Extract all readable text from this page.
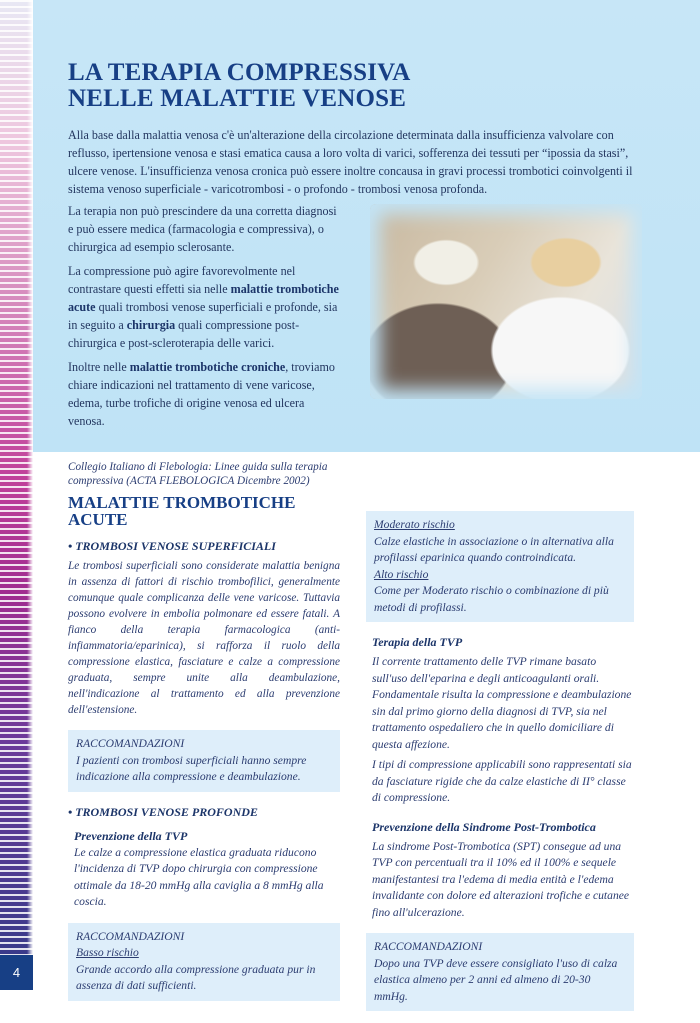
4
LA TERAPIA COMPRESSIVA
NELLE MALATTIE VENOSE
Alla base dalla malattia venosa c'è un'alterazione della circolazione determinata dalla insufficienza valvolare con reflusso, ipertensione venosa e stasi ematica causa a loro volta di varici, sofferenza dei tessuti per “ipossia da stasi”, ulcere venose. L'insufficienza venosa cronica può essere inoltre concausa in gravi processi trombotici coinvolgenti il sistema venoso superficiale - varicotrombosi - o profondo - trombosi venosa profonda.

La terapia non può prescindere da una corretta diagnosi e può essere medica (farmacologia e compressiva), o chirurgica ad esempio sclerosante.

La compressione può agire favorevolmente nel contrastare questi effetti sia nelle malattie trombotiche acute quali trombosi venose superficiali e profonde, sia in seguito a chirurgia quali compressione post-chirurgica e post-scleroterapia delle varici.

Inoltre nelle malattie trombotiche croniche, troviamo chiare indicazioni nel trattamento di vene varicose, edema, turbe trofiche di origine venosa ed ulcera venosa.

Collegio Italiano di Flebologia: Linee guida sulla terapia compressiva (ACTA FLEBOLOGICA Dicembre 2002)
MALATTIE TROMBOTICHE ACUTE
• TROMBOSI VENOSE SUPERFICIALI
Le trombosi superficiali sono considerate malattia benigna in assenza di fattori di rischio trombofilici, generalmente comunque quale complicanza delle vene varicose. Tuttavia possono evolvere in embolia polmonare ed essere fatali. A fianco della terapia farmacologica (anti-infiammatoria/eparinica), si rafforza il ruolo della compressione elastica, fasciature e calze a compressione graduata, sempre unite alla deambulazione, nell'indicazione al trattamento ed alla prevenzione dell'estensione.

RACCOMANDAZIONI

I pazienti con trombosi superficiali hanno sempre indicazione alla compressione e deambulazione.

• TROMBOSI VENOSE PROFONDE
Prevenzione della TVP
Le calze a compressione elastica graduata riducono l'incidenza di TVP dopo chirurgia con compressione ottimale da 18-20 mmHg alla caviglia a 8 mmHg alla coscia.

RACCOMANDAZIONI

Basso rischio

Grande accordo alla compressione graduata pur in assenza di dati sufficienti.

Moderato rischio

Calze elastiche in associazione o in alternativa alla profilassi eparinica quando controindicata.

Alto rischio

Come per Moderato rischio o combinazione di più metodi di profilassi.

Terapia della TVP

Il corrente trattamento delle TVP rimane basato sull'uso dell'eparina e degli anticoagulanti orali. Fondamentale risulta la compressione e deambulazione sin dal primo giorno della diagnosi di TVP, sia nel trattamento ospedaliero che in quello domiciliare di questa affezione.

I tipi di compressione applicabili sono rappresentati sia da fasciature rigide che da calze elastiche di II° classe di compressione.

Prevenzione della Sindrome Post-Trombotica
La sindrome Post-Trombotica (SPT) consegue ad una TVP con percentuali tra il 10% ed il 100% e sequele manifestantesi tra l'edema di media entità e l'edema invalidante con dolore ed alterazioni trofiche e cutanee fino all'ulcerazione.

RACCOMANDAZIONI

Dopo una TVP deve essere consigliato l'uso di calza elastica almeno per 2 anni ed almeno di 20-30 mmHg.
